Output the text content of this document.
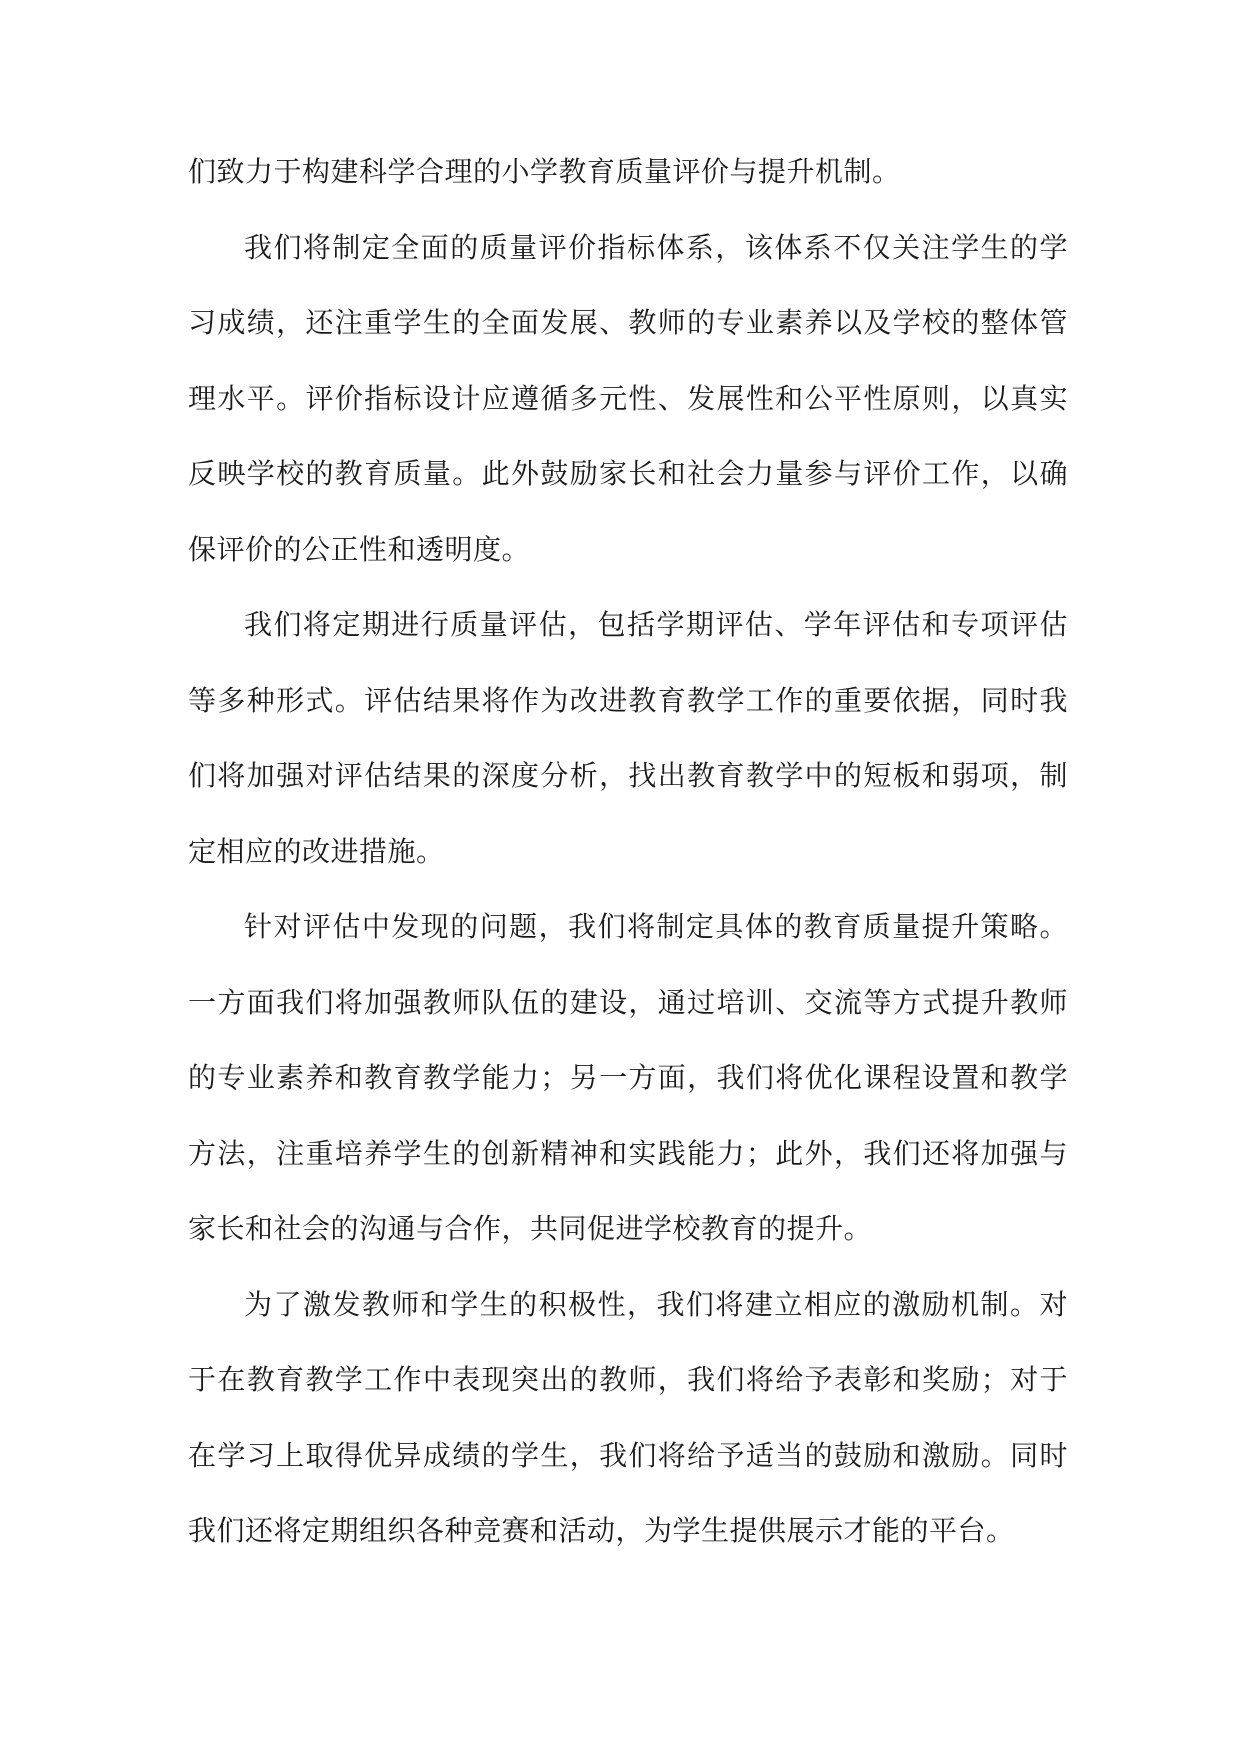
们致力于构建科学合理的小学教育质量评价与提升机制。

我们将制定全面的质量评价指标体系，该体系不仅关注学生的学习成绩，还注重学生的全面发展、教师的专业素养以及学校的整体管理水平。评价指标设计应遵循多元性、发展性和公平性原则，以真实反映学校的教育质量。此外鼓励家长和社会力量参与评价工作，以确保评价的公正性和透明度。

我们将定期进行质量评估，包括学期评估、学年评估和专项评估等多种形式。评估结果将作为改进教育教学工作的重要依据，同时我们将加强对评估结果的深度分析，找出教育教学中的短板和弱项，制定相应的改进措施。

针对评估中发现的问题，我们将制定具体的教育质量提升策略。一方面我们将加强教师队伍的建设，通过培训、交流等方式提升教师的专业素养和教育教学能力；另一方面，我们将优化课程设置和教学方法，注重培养学生的创新精神和实践能力；此外，我们还将加强与家长和社会的沟通与合作，共同促进学校教育的提升。

为了激发教师和学生的积极性，我们将建立相应的激励机制。对于在教育教学工作中表现突出的教师，我们将给予表彰和奖励；对于在学习上取得优异成绩的学生，我们将给予适当的鼓励和激励。同时我们还将定期组织各种竞赛和活动，为学生提供展示才能的平台。
